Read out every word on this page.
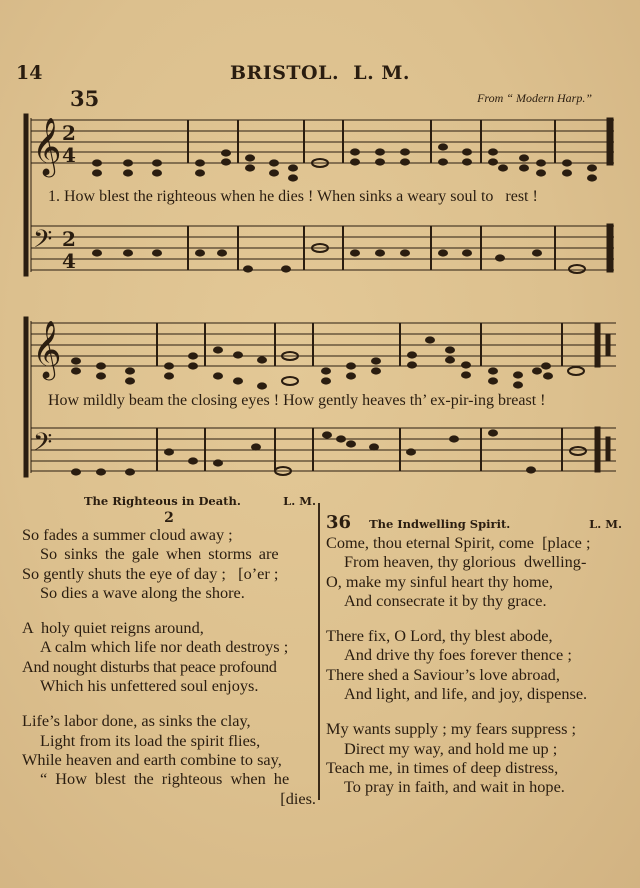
14	BRISTOL.  L. M.
35	From “ Modern Harp.”
𝄞 2
4
𝄢 2
4
𝄞
𝄢
1. How blest the righteous when he dies ! When sinks a weary soul to   rest !
How mildly beam the closing eyes ! How gently heaves th’ ex-pir-ing breast !
The Righteous in Death.	L. M.
2
So fades a summer cloud away ;
So sinks the gale when storms are
So gently shuts the eye of day ;   [o’er ;
So dies a wave along the shore.
A  holy quiet reigns around,
A calm which life nor death destroys ;
And nought disturbs that peace profound
Which his unfettered soul enjoys.
Life’s labor done, as sinks the clay,
Light from its load the spirit flies,
While heaven and earth combine to say,
“ How blest the righteous when he
[dies.
36 The Indwelling Spirit.	L. M.
Come, thou eternal Spirit, come  [place ;
From heaven, thy glorious  dwelling-
O, make my sinful heart thy home,
And consecrate it by thy grace.
There fix, O Lord, thy blest abode,
And drive thy foes forever thence ;
There shed a Saviour’s love abroad,
And light, and life, and joy, dispense.
My wants supply ; my fears suppress ;
Direct my way, and hold me up ;
Teach me, in times of deep distress,
To pray in faith, and wait in hope.
